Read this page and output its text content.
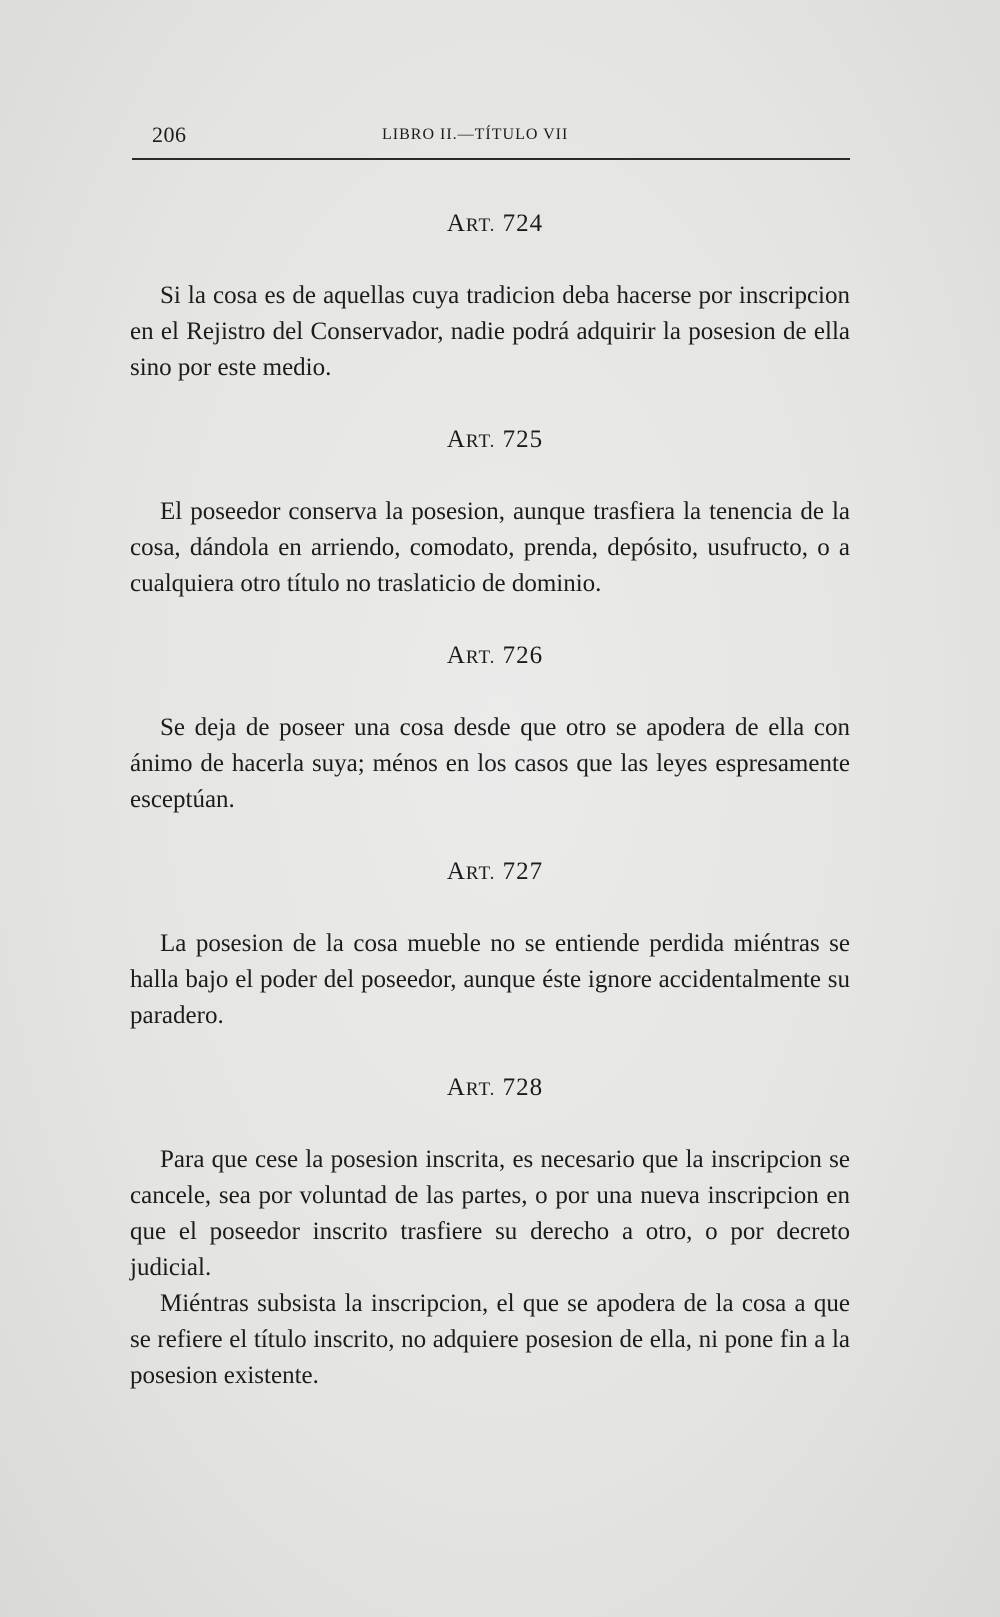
206	LIBRO II.—TÍTULO VII
ART. 724

Si la cosa es de aquellas cuya tradicion deba hacerse por inscripcion en el Rejistro del Conservador, nadie podrá adquirir la posesion de ella sino por este medio.

ART. 725

El poseedor conserva la posesion, aunque trasfiera la tenencia de la cosa, dándola en arriendo, comodato, prenda, depósito, usufructo, o a cualquiera otro título no traslaticio de dominio.

ART. 726

Se deja de poseer una cosa desde que otro se apodera de ella con ánimo de hacerla suya; ménos en los casos que las leyes espresamente esceptúan.

ART. 727

La posesion de la cosa mueble no se entiende perdida miéntras se halla bajo el poder del poseedor, aunque éste ignore accidentalmente su paradero.

ART. 728

Para que cese la posesion inscrita, es necesario que la inscripcion se cancele, sea por voluntad de las partes, o por una nueva inscripcion en que el poseedor inscrito trasfiere su derecho a otro, o por decreto judicial.

Miéntras subsista la inscripcion, el que se apodera de la cosa a que se refiere el título inscrito, no adquiere posesion de ella, ni pone fin a la posesion existente.
